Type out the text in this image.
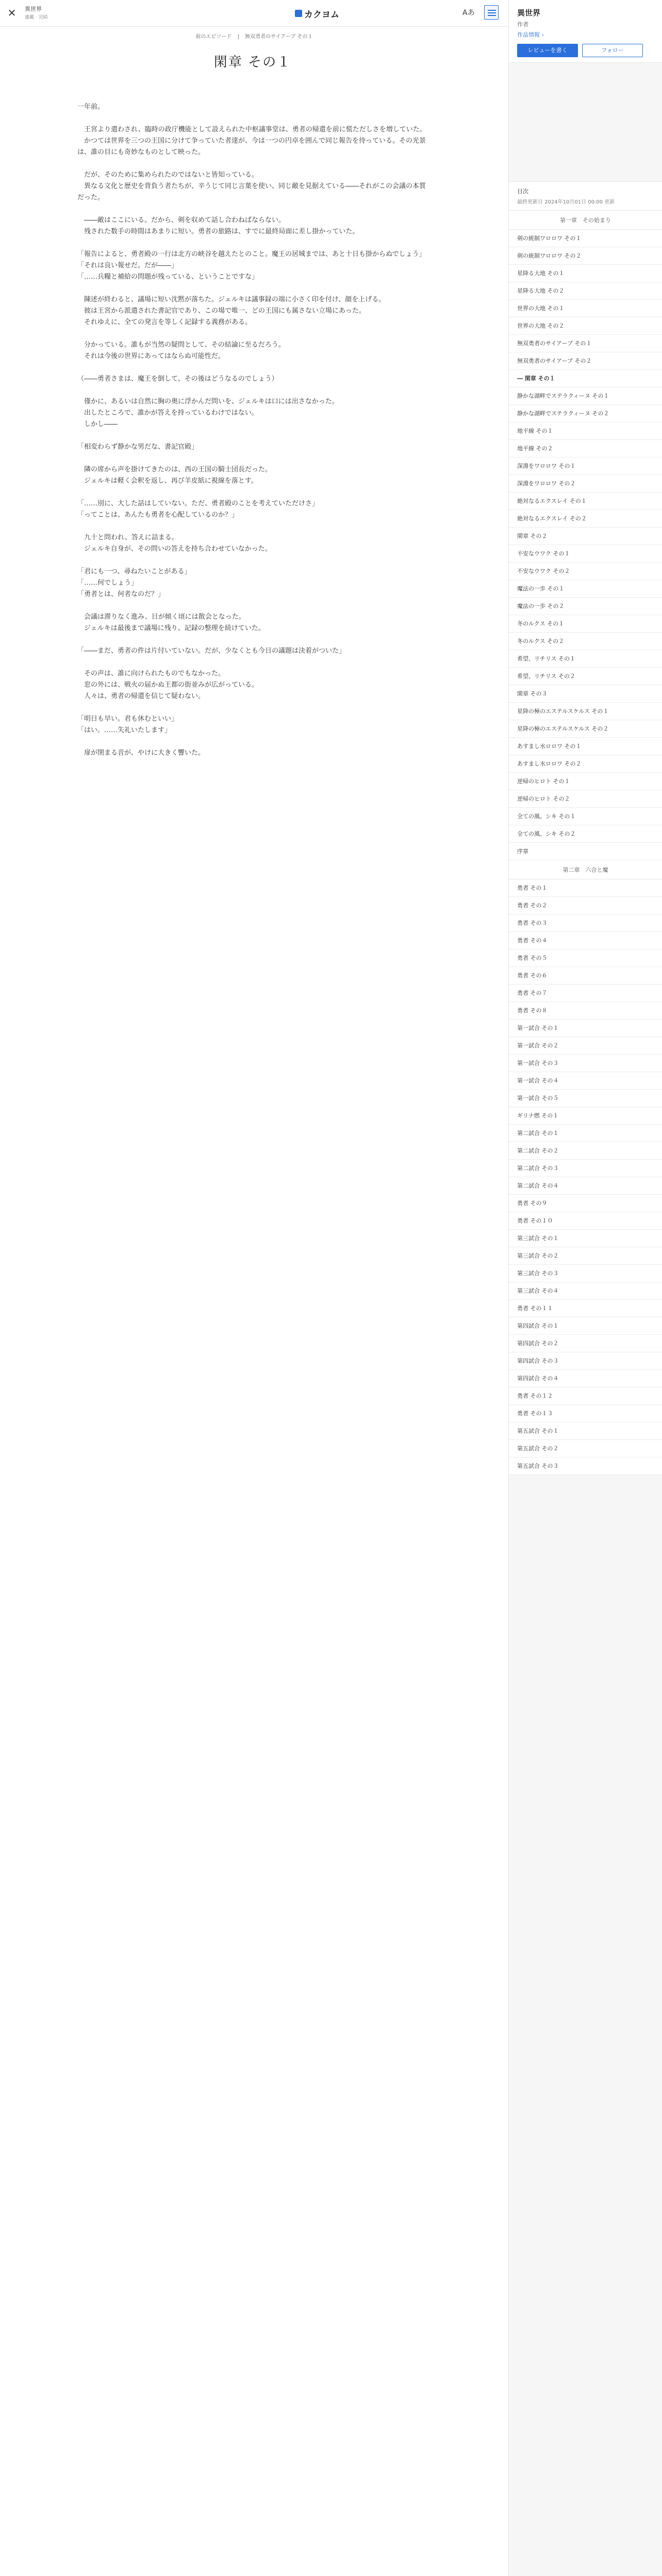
✕ 異世界
連載 · 完結	カクヨム	Aあ
前のエピソード | 無双勇者のサイアーブ その１
閑章 その１

一年前。

　王宮より遣わされ、臨時の政庁機能として設えられた中枢議事堂は、勇者の帰還を前に慌ただしさを増していた。
　かつては世界を三つの王国に分けて争っていた者達が、今は一つの円卓を囲んで同じ報告を待っている。その光景は、誰の目にも奇妙なものとして映った。

　だが、そのために集められたのではないと皆知っている。
　異なる文化と歴史を背負う者たちが、辛うじて同じ言葉を使い、同じ敵を見据えている――それがこの会議の本質だった。

　――敵はここにいる。だから、剣を収めて話し合わねばならない。
　残された数手の時間はあまりに短い。勇者の旅路は、すでに最終局面に差し掛かっていた。

「報告によると、勇者殿の一行は北方の峡谷を越えたとのこと。魔王の居城までは、あと十日も掛からぬでしょう」
「それは良い報せだ。だが――」
「……兵糧と補給の問題が残っている、ということですな」

　陳述が終わると、議場に短い沈黙が落ちた。ジェルキは議事録の端に小さく印を付け、顔を上げる。
　彼は王宮から派遣された書記官であり、この場で唯一、どの王国にも属さない立場にあった。
　それゆえに、全ての発言を等しく記録する義務がある。

　分かっている。誰もが当然の疑問として、その結論に至るだろう。
　それは今後の世界にあってはならぬ可能性だ。

（――勇者さまは、魔王を倒して、その後はどうなるのでしょう）

　僅かに、あるいは自然に胸の奥に浮かんだ問いを、ジェルキは口には出さなかった。
　出したところで、誰かが答えを持っているわけではない。
　しかし――

「相変わらず静かな男だな、書記官殿」

　隣の席から声を掛けてきたのは、西の王国の騎士団長だった。
　ジェルキは軽く会釈を返し、再び羊皮紙に視線を落とす。

「……別に、大した話はしていない。ただ、勇者殿のことを考えていただけさ」
「ってことは、あんたも勇者を心配しているのか？」

　九十と問われ、答えに詰まる。
　ジェルキ自身が、その問いの答えを持ち合わせていなかった。

「君にも一つ、尋ねたいことがある」
「……何でしょう」
「勇者とは、何者なのだ？」

　会議は滞りなく進み、日が傾く頃には散会となった。
　ジェルキは最後まで議場に残り、記録の整理を続けていた。

「――まだ、勇者の件は片付いていない。だが、少なくとも今日の議題は決着がついた」

　その声は、誰に向けられたものでもなかった。
　窓の外には、戦火の届かぬ王都の街並みが広がっている。
　人々は、勇者の帰還を信じて疑わない。

「明日も早い。君も休むといい」
「はい。……失礼いたします」

　扉が閉まる音が、やけに大きく響いた。

異世界
作者
作品情報 ›
レビューを書く	フォロー
目次
最終更新日 2024年10月01日 00:00 更新
第一章　その始まり
剣の統制ワロロワ その１
剣の統制ワロロワ その２
星降る大地 その１
星降る大地 その２
世界の大地 その１
世界の大地 その２
無双勇者のサイアーブ その１
無双勇者のサイアーブ その２
― 閑章 その１
静かな湖畔でステラクィーヌ その１
静かな湖畔でステラクィーヌ その２
地平線 その１
地平線 その２
深淵をワロロワ その１
深淵をワロロワ その２
絶対なるエクスレイ その１
絶対なるエクスレイ その２
閑章 その２
不安なウワク その１
不安なウワク その２
魔法の一歩 その１
魔法の一歩 その２
冬のルクス その１
冬のルクス その２
希望、リチリス その１
希望、リチリス その２
閑章 その３
星降の極のエステルスケルス その１
星降の極のエステルスケルス その２
あすまし水ロロワ その１
あすまし水ロロワ その２
逆帰のヒロト その１
逆帰のヒロト その２
全ての風、シキ その１
全ての風、シキ その２
序章
第二章　六合と魔
勇者 その１
勇者 その２
勇者 その３
勇者 その４
勇者 その５
勇者 その６
勇者 その７
勇者 その８
第一試合 その１
第一試合 その２
第一試合 その３
第一試合 その４
第一試合 その５
ギリナ燃 その１
第二試合 その１
第二試合 その２
第二試合 その３
第二試合 その４
勇者 その９
勇者 その１０
第三試合 その１
第三試合 その２
第三試合 その３
第三試合 その４
勇者 その１１
第四試合 その１
第四試合 その２
第四試合 その３
第四試合 その４
勇者 その１２
勇者 その１３
第五試合 その１
第五試合 その２
第五試合 その３
